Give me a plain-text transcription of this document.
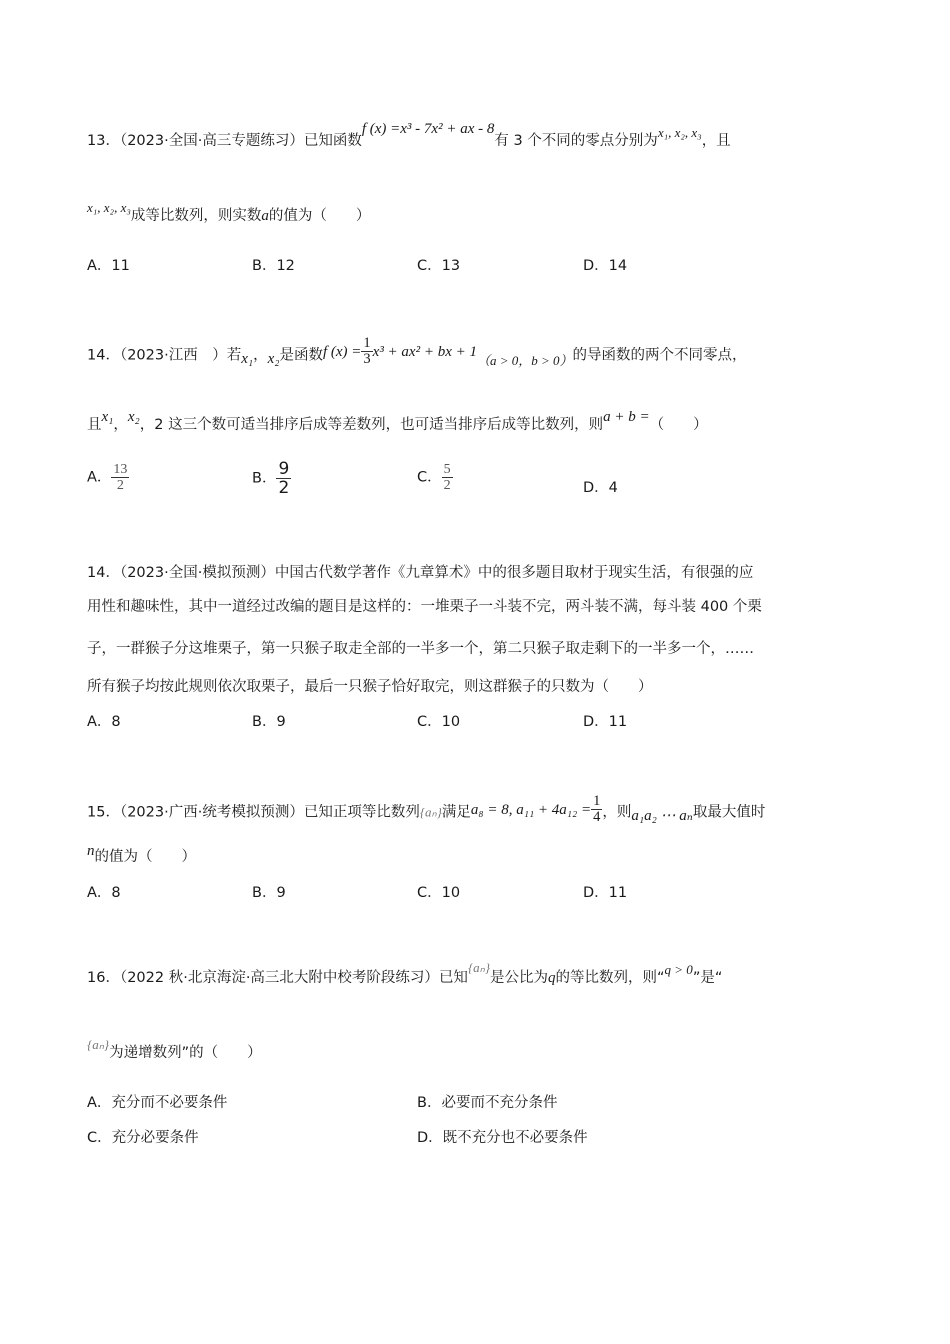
13．（2023·全国·高三专题练习）已知函数f (x) =x³ - 7x² + ax - 8有 3 个不同的零点分别为x₁, x₂, x₃，且
x₁, x₂, x₃成等比数列，则实数a的值为（　　）
A．11	B．12	C．13	D．14
14．（2023·江西　）若x₁，x₂是函数f $(x) = \frac{1}{3} x^3 + ax^2$ + bx + 1（a > 0，b > 0）的导函数的两个不同零点，
且x₁，x₂，2 这三个数可适当排序后成等差数列，也可适当排序后成等比数列，则a + b =（　　）
A． $\frac{13}{2}$	B． $\frac{9}{2}$	C． $\frac{5}{2}$	D．4
14．（2023·全国·模拟预测）中国古代数学著作《九章算术》中的很多题目取材于现实生活，有很强的应
用性和趣味性，其中一道经过改编的题目是这样的：一堆栗子一斗装不完，两斗装不满，每斗装 400 个栗
子，一群猴子分这堆栗子，第一只猴子取走全部的一半多一个，第二只猴子取走剩下的一半多一个，……
所有猴子均按此规则依次取栗子，最后一只猴子恰好取完，则这群猴子的只数为（　　）
A．8	B．9	C．10	D．11
15．（2023·广西·统考模拟预测）已知正项等比数列{aₙ}满足a₈ = 8, $a_{11} + 4a_{12} = \frac{1}{4}$ ，则a₁a₂ ⋯ aₙ取最大值时
n的值为（　　）
A．8	B．9	C．10	D．11
16．（2022 秋·北京海淀·高三北大附中校考阶段练习）已知{aₙ}是公比为q的等比数列，则“q > 0”是“
{aₙ}为递增数列”的（　　）
A．充分而不必要条件	B．必要而不充分条件
C．充分必要条件	D．既不充分也不必要条件
